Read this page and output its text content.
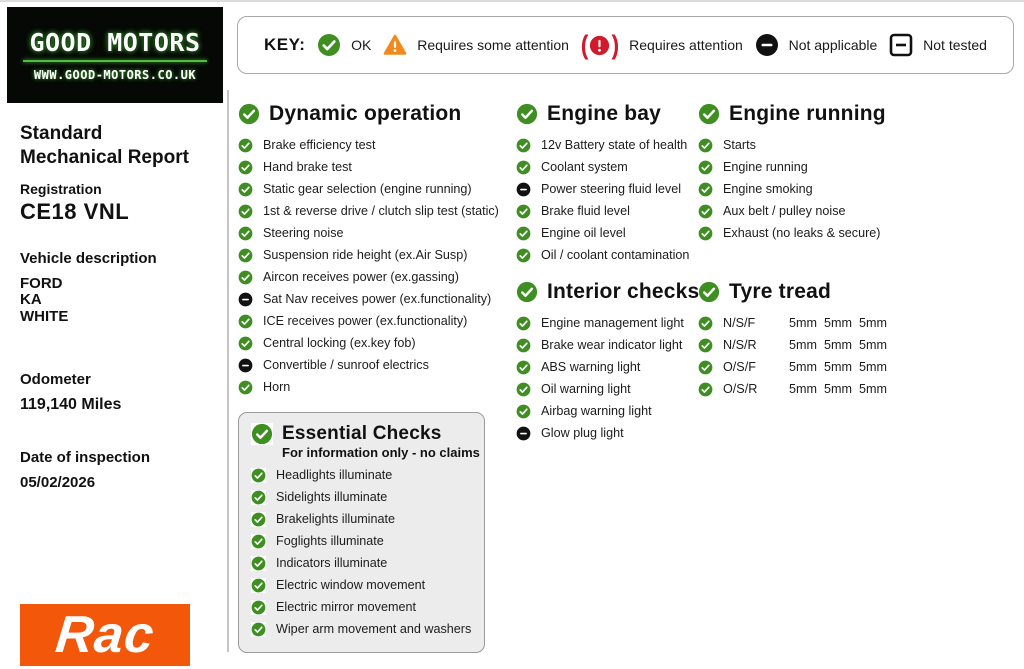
GOOD MOTORS
WWW.GOOD-MOTORS.CO.UK
KEY:	OK	Requires some attention ( ) Requires attention	Not applicable	Not tested
Standard Mechanical Report
Registration
CE18 VNL
Vehicle description
FORD
KA
WHITE
Odometer
119,140 Miles
Date of inspection
05/02/2026
Rac
Dynamic operation
Brake efficiency test
Hand brake test
Static gear selection (engine running)
1st & reverse drive / clutch slip test (static)
Steering noise
Suspension ride height (ex.Air Susp)
Aircon receives power (ex.gassing)
Sat Nav receives power (ex.functionality)
ICE receives power (ex.functionality)
Central locking (ex.key fob)
Convertible / sunroof electrics
Horn
Essential Checks
For information only - no claims
Headlights illuminate
Sidelights illuminate
Brakelights illuminate
Foglights illuminate
Indicators illuminate
Electric window movement
Electric mirror movement
Wiper arm movement and washers
Engine bay
12v Battery state of health
Coolant system
Power steering fluid level
Brake fluid level
Engine oil level
Oil / coolant contamination
Interior checks
Engine management light
Brake wear indicator light
ABS warning light
Oil warning light
Airbag warning light
Glow plug light
Engine running
Starts
Engine running
Engine smoking
Aux belt / pulley noise
Exhaust (no leaks & secure)
Tyre tread
N/S/F	5mm 5mm 5mm
N/S/R	5mm 5mm 5mm
O/S/F	5mm 5mm 5mm
O/S/R	5mm 5mm 5mm
